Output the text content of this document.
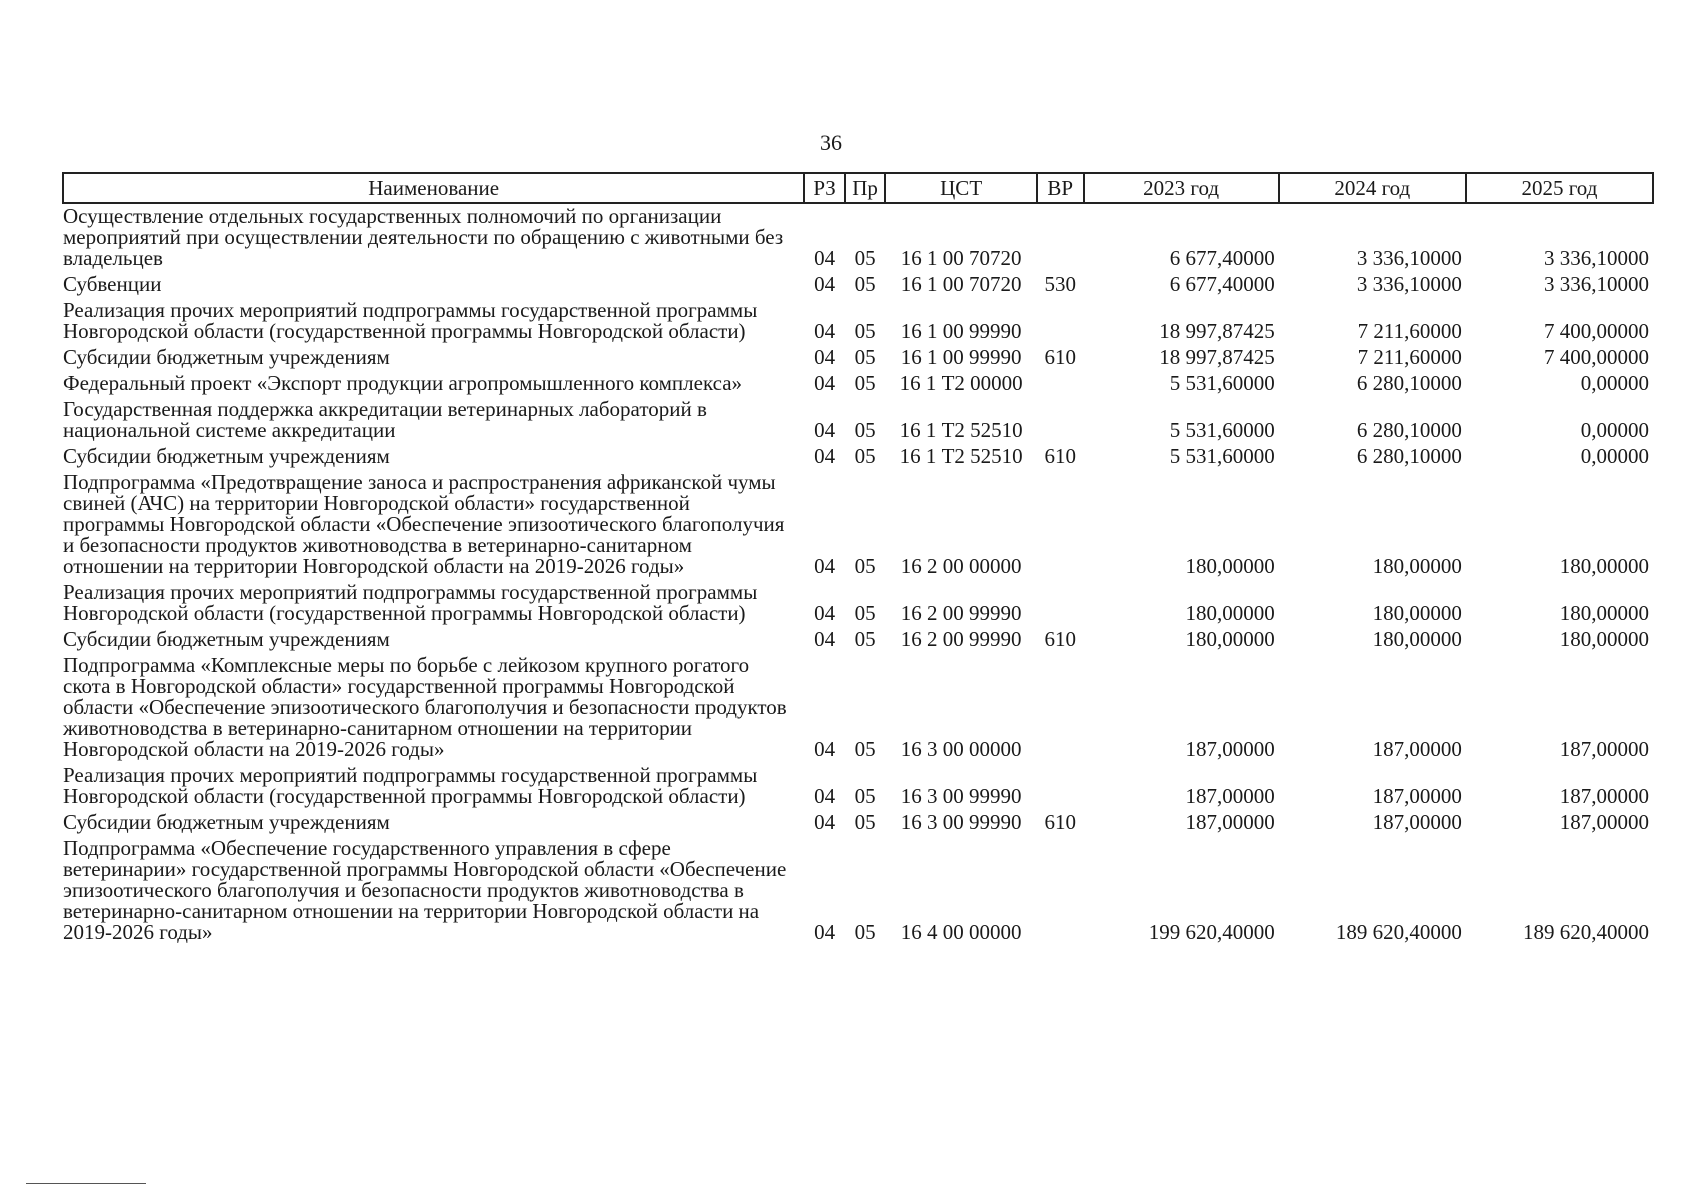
36
Наименование	РЗ	Пр	ЦСТ	ВР	2023 год	2024 год	2025 год
Осуществление отдельных государственных полномочий по организации мероприятий при осуществлении деятельности по обращению с животными без владельцев	04	05	16 1 00 70720		6 677,40000	3 336,10000	3 336,10000
Субвенции	04	05	16 1 00 70720	530	6 677,40000	3 336,10000	3 336,10000
Реализация прочих мероприятий подпрограммы государственной программы Новгородской области (государственной программы Новгородской области)	04	05	16 1 00 99990		18 997,87425	7 211,60000	7 400,00000
Субсидии бюджетным учреждениям	04	05	16 1 00 99990	610	18 997,87425	7 211,60000	7 400,00000
Федеральный проект «Экспорт продукции агропромышленного комплекса»	04	05	16 1 Т2 00000		5 531,60000	6 280,10000	0,00000
Государственная поддержка аккредитации ветеринарных лабораторий в национальной системе аккредитации	04	05	16 1 Т2 52510		5 531,60000	6 280,10000	0,00000
Субсидии бюджетным учреждениям	04	05	16 1 Т2 52510	610	5 531,60000	6 280,10000	0,00000
Подпрограмма «Предотвращение заноса и распространения африканской чумы свиней (АЧС) на территории Новгородской области» государственной программы Новгородской области «Обеспечение эпизоотического благополучия и безопасности продуктов животноводства в ветеринарно-санитарном отношении на территории Новгородской области на 2019-2026 годы»	04	05	16 2 00 00000		180,00000	180,00000	180,00000
Реализация прочих мероприятий подпрограммы государственной программы Новгородской области (государственной программы Новгородской области)	04	05	16 2 00 99990		180,00000	180,00000	180,00000
Субсидии бюджетным учреждениям	04	05	16 2 00 99990	610	180,00000	180,00000	180,00000
Подпрограмма «Комплексные меры по борьбе с лейкозом крупного рогатого скота в Новгородской области» государственной программы Новгородской области «Обеспечение эпизоотического благополучия и безопасности продуктов животноводства в ветеринарно-санитарном отношении на территории Новгородской области на 2019-2026 годы»	04	05	16 3 00 00000		187,00000	187,00000	187,00000
Реализация прочих мероприятий подпрограммы государственной программы Новгородской области (государственной программы Новгородской области)	04	05	16 3 00 99990		187,00000	187,00000	187,00000
Субсидии бюджетным учреждениям	04	05	16 3 00 99990	610	187,00000	187,00000	187,00000
Подпрограмма «Обеспечение государственного управления в сфере ветеринарии» государственной программы Новгородской области «Обеспечение эпизоотического благополучия и безопасности продуктов животноводства в ветеринарно-санитарном отношении на территории Новгородской области на 2019-2026 годы»	04	05	16 4 00 00000		199 620,40000	189 620,40000	189 620,40000
